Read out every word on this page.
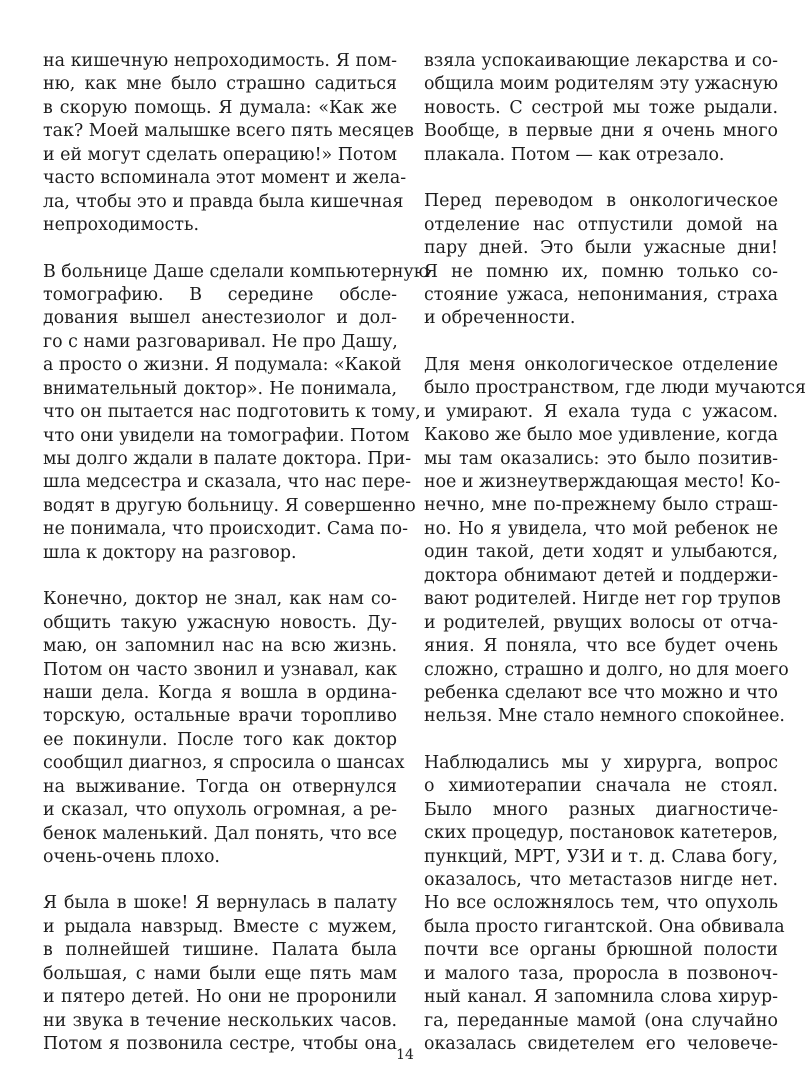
на кишечную непроходимость. Я пом-
ню, как мне было страшно садиться
в скорую помощь. Я думала: «Как же
так? Моей малышке всего пять месяцев
и ей могут сделать операцию!» Потом
часто вспоминала этот момент и жела-
ла, чтобы это и правда была кишечная
непроходимость.
В больнице Даше сделали компьютерную
томографию. В середине обсле-
дования вышел анестезиолог и дол-
го с нами разговаривал. Не про Дашу,
а просто о жизни. Я подумала: «Какой
внимательный доктор». Не понимала,
что он пытается нас подготовить к тому,
что они увидели на томографии. Потом
мы долго ждали в палате доктора. При-
шла медсестра и сказала, что нас пере-
водят в другую больницу. Я совершенно
не понимала, что происходит. Сама по-
шла к доктору на разговор.
Конечно, доктор не знал, как нам со-
общить такую ужасную новость. Ду-
маю, он запомнил нас на всю жизнь.
Потом он часто звонил и узнавал, как
наши дела. Когда я вошла в ордина-
торскую, остальные врачи торопливо
ее покинули. После того как доктор
сообщил диагноз, я спросила о шансах
на выживание. Тогда он отвернулся
и сказал, что опухоль огромная, а ре-
бенок маленький. Дал понять, что все
очень-очень плохо.
Я была в шоке! Я вернулась в палату
и рыдала навзрыд. Вместе с мужем,
в полнейшей тишине. Палата была
большая, с нами были еще пять мам
и пятеро детей. Но они не проронили
ни звука в течение нескольких часов.
Потом я позвонила сестре, чтобы она
взяла успокаивающие лекарства и со-
общила моим родителям эту ужасную
новость. С сестрой мы тоже рыдали.
Вообще, в первые дни я очень много
плакала. Потом — как отрезало.
Перед переводом в онкологическое
отделение нас отпустили домой на
пару дней. Это были ужасные дни!
Я не помню их, помню только со-
стояние ужаса, непонимания, страха
и обреченности.
Для меня онкологическое отделение
было пространством, где люди мучаются
и умирают. Я ехала туда с ужасом.
Каково же было мое удивление, когда
мы там оказались: это было позитив-
ное и жизнеутверждающая место! Ко-
нечно, мне по-прежнему было страш-
но. Но я увидела, что мой ребенок не
один такой, дети ходят и улыбаются,
доктора обнимают детей и поддержи-
вают родителей. Нигде нет гор трупов
и родителей, рвущих волосы от отча-
яния. Я поняла, что все будет очень
сложно, страшно и долго, но для моего
ребенка сделают все что можно и что
нельзя. Мне стало немного спокойнее.
Наблюдались мы у хирурга, вопрос
о химиотерапии сначала не стоял.
Было много разных диагностиче-
ских процедур, постановок катетеров,
пункций, МРТ, УЗИ и т. д. Слава богу,
оказалось, что метастазов нигде нет.
Но все осложнялось тем, что опухоль
была просто гигантской. Она обвивала
почти все органы брюшной полости
и малого таза, проросла в позвоноч-
ный канал. Я запомнила слова хирур-
га, переданные мамой (она случайно
оказалась свидетелем его человече-
14
